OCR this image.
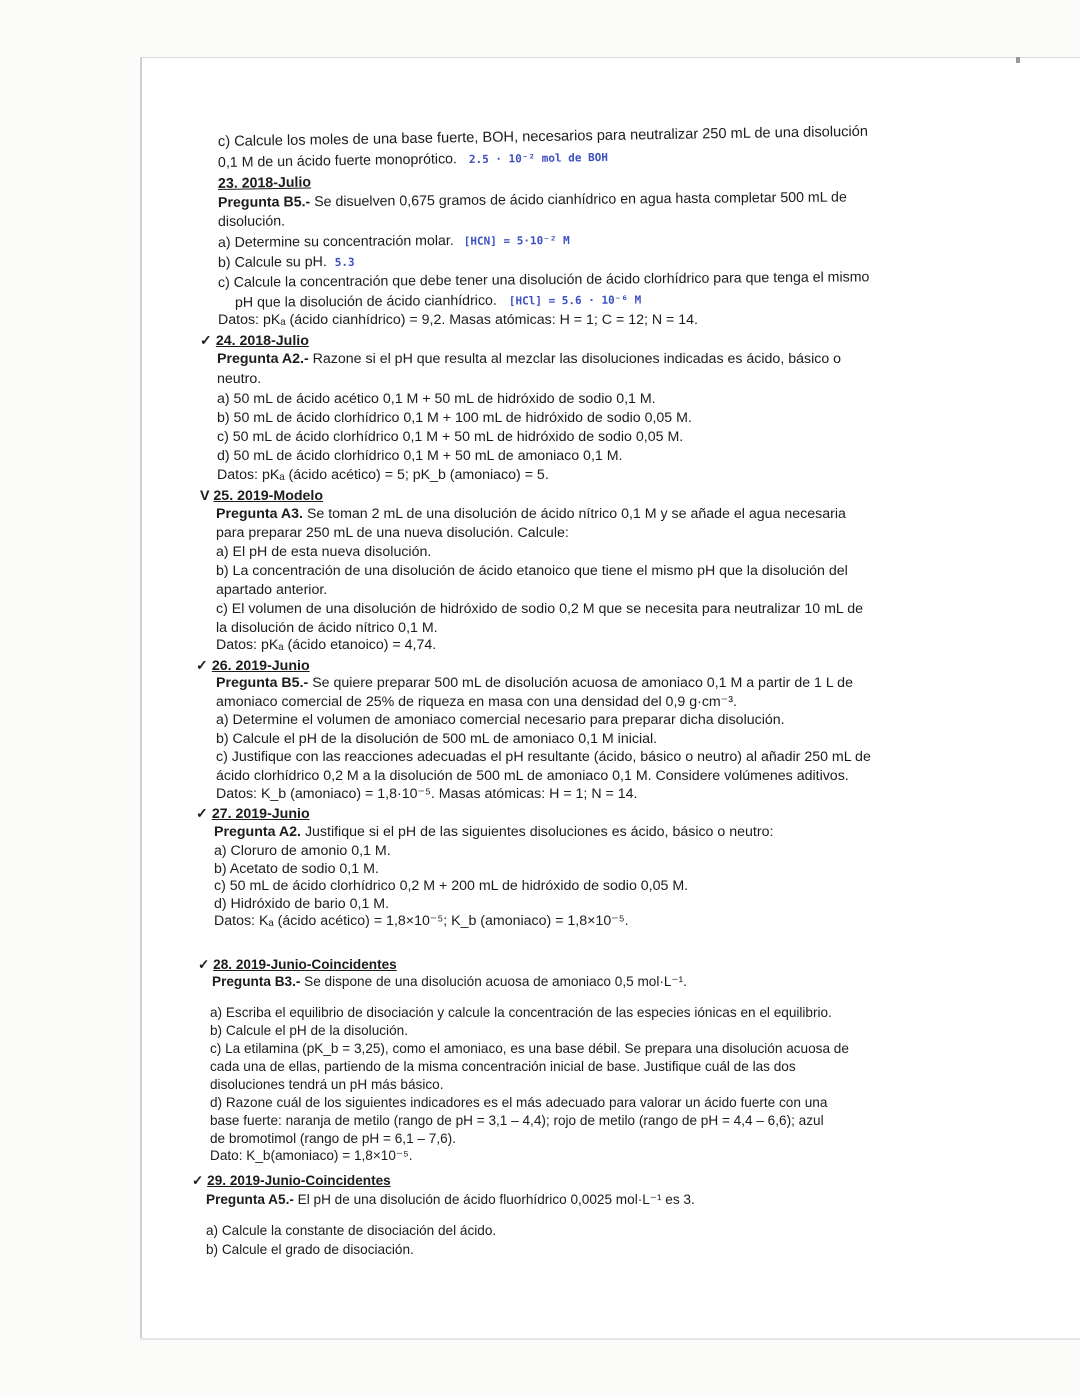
c) Calcule los moles de una base fuerte, BOH, necesarios para neutralizar 250 mL de una disolución
0,1 M de un ácido fuerte monoprótico. 2.5 · 10⁻² mol de BOH
23. 2018-Julio
Pregunta B5.- Se disuelven 0,675 gramos de ácido cianhídrico en agua hasta completar 500 mL de
disolución.
a) Determine su concentración molar. [HCN] = 5·10⁻² M
b) Calcule su pH. 5.3
c) Calcule la concentración que debe tener una disolución de ácido clorhídrico para que tenga el mismo
pH que la disolución de ácido cianhídrico. [HCl] = 5.6 · 10⁻⁶ M
Datos: pKₐ (ácido cianhídrico) = 9,2. Masas atómicas: H = 1; C = 12; N = 14.
✓ 24. 2018-Julio
Pregunta A2.- Razone si el pH que resulta al mezclar las disoluciones indicadas es ácido, básico o
neutro.
a) 50 mL de ácido acético 0,1 M + 50 mL de hidróxido de sodio 0,1 M.
b) 50 mL de ácido clorhídrico 0,1 M + 100 mL de hidróxido de sodio 0,05 M.
c) 50 mL de ácido clorhídrico 0,1 M + 50 mL de hidróxido de sodio 0,05 M.
d) 50 mL de ácido clorhídrico 0,1 M + 50 mL de amoniaco 0,1 M.
Datos: pKₐ (ácido acético) = 5; pK_b (amoniaco) = 5.
V 25. 2019-Modelo
Pregunta A3. Se toman 2 mL de una disolución de ácido nítrico 0,1 M y se añade el agua necesaria
para preparar 250 mL de una nueva disolución. Calcule:
a) El pH de esta nueva disolución.
b) La concentración de una disolución de ácido etanoico que tiene el mismo pH que la disolución del
apartado anterior.
c) El volumen de una disolución de hidróxido de sodio 0,2 M que se necesita para neutralizar 10 mL de
la disolución de ácido nítrico 0,1 M.
Datos: pKₐ (ácido etanoico) = 4,74.
✓ 26. 2019-Junio
Pregunta B5.- Se quiere preparar 500 mL de disolución acuosa de amoniaco 0,1 M a partir de 1 L de
amoniaco comercial de 25% de riqueza en masa con una densidad del 0,9 g·cm⁻³.
a) Determine el volumen de amoniaco comercial necesario para preparar dicha disolución.
b) Calcule el pH de la disolución de 500 mL de amoniaco 0,1 M inicial.
c) Justifique con las reacciones adecuadas el pH resultante (ácido, básico o neutro) al añadir 250 mL de
ácido clorhídrico 0,2 M a la disolución de 500 mL de amoniaco 0,1 M. Considere volúmenes aditivos.
Datos: K_b (amoniaco) = 1,8·10⁻⁵. Masas atómicas: H = 1; N = 14.
✓ 27. 2019-Junio
Pregunta A2. Justifique si el pH de las siguientes disoluciones es ácido, básico o neutro:
a) Cloruro de amonio 0,1 M.
b) Acetato de sodio 0,1 M.
c) 50 mL de ácido clorhídrico 0,2 M + 200 mL de hidróxido de sodio 0,05 M.
d) Hidróxido de bario 0,1 M.
Datos: Kₐ (ácido acético) = 1,8×10⁻⁵; K_b (amoniaco) = 1,8×10⁻⁵.
✓ 28. 2019-Junio-Coincidentes
Pregunta B3.- Se dispone de una disolución acuosa de amoniaco 0,5 mol·L⁻¹.
a) Escriba el equilibrio de disociación y calcule la concentración de las especies iónicas en el equilibrio.
b) Calcule el pH de la disolución.
c) La etilamina (pK_b = 3,25), como el amoniaco, es una base débil. Se prepara una disolución acuosa de
cada una de ellas, partiendo de la misma concentración inicial de base. Justifique cuál de las dos
disoluciones tendrá un pH más básico.
d) Razone cuál de los siguientes indicadores es el más adecuado para valorar un ácido fuerte con una
base fuerte: naranja de metilo (rango de pH = 3,1 – 4,4); rojo de metilo (rango de pH = 4,4 – 6,6); azul
de bromotimol (rango de pH = 6,1 – 7,6).
Dato: K_b(amoniaco) = 1,8×10⁻⁵.
✓ 29. 2019-Junio-Coincidentes
Pregunta A5.- El pH de una disolución de ácido fluorhídrico 0,0025 mol·L⁻¹ es 3.
a) Calcule la constante de disociación del ácido.
b) Calcule el grado de disociación.
